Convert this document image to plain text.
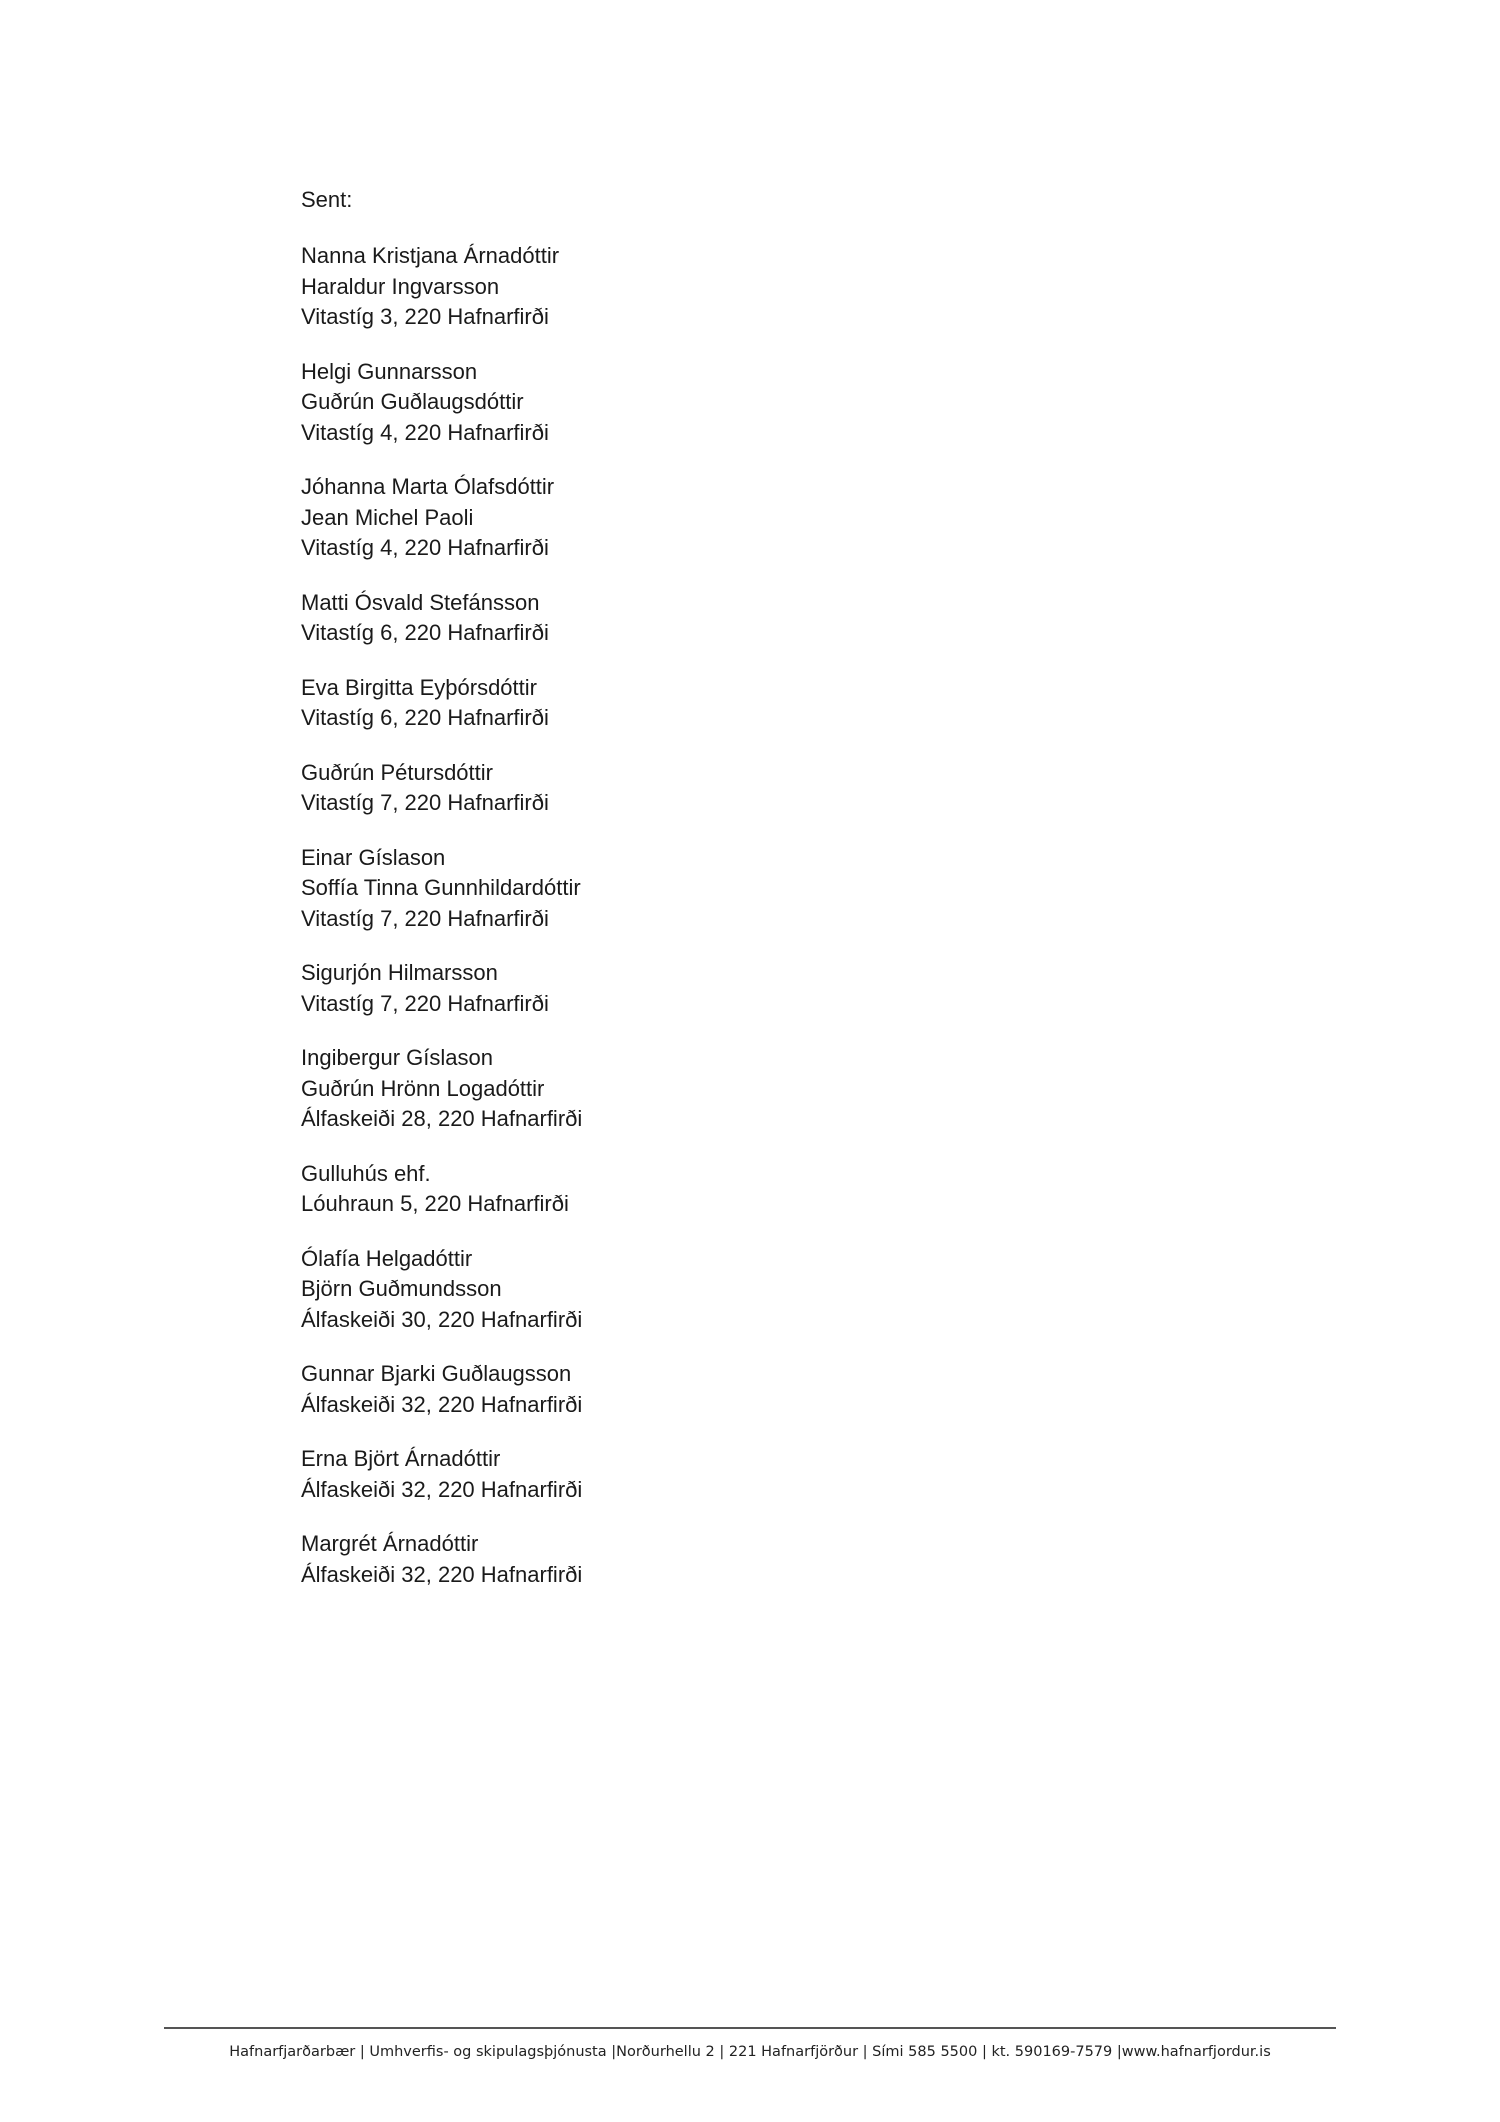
Sent:
Nanna Kristjana Árnadóttir
Haraldur Ingvarsson
Vitastíg 3, 220 Hafnarfirði
Helgi Gunnarsson
Guðrún Guðlaugsdóttir
Vitastíg 4, 220 Hafnarfirði
Jóhanna Marta Ólafsdóttir
Jean Michel Paoli
Vitastíg 4, 220 Hafnarfirði
Matti Ósvald Stefánsson
Vitastíg 6, 220 Hafnarfirði
Eva Birgitta Eyþórsdóttir
Vitastíg 6, 220 Hafnarfirði
Guðrún Pétursdóttir
Vitastíg 7, 220 Hafnarfirði
Einar Gíslason
Soffía Tinna Gunnhildardóttir
Vitastíg 7, 220 Hafnarfirði
Sigurjón Hilmarsson
Vitastíg 7, 220 Hafnarfirði
Ingibergur Gíslason
Guðrún Hrönn Logadóttir
Álfaskeiði 28, 220 Hafnarfirði
Gulluhús ehf.
Lóuhraun 5, 220 Hafnarfirði
Ólafía Helgadóttir
Björn Guðmundsson
Álfaskeiði 30, 220 Hafnarfirði
Gunnar Bjarki Guðlaugsson
Álfaskeiði 32, 220 Hafnarfirði
Erna Björt Árnadóttir
Álfaskeiði 32, 220 Hafnarfirði
Margrét Árnadóttir
Álfaskeiði 32, 220 Hafnarfirði
Hafnarfjarðarbær | Umhverfis- og skipulagsþjónusta |Norðurhellu 2 | 221 Hafnarfjörður | Sími 585 5500 | kt. 590169-7579 |www.hafnarfjordur.is
